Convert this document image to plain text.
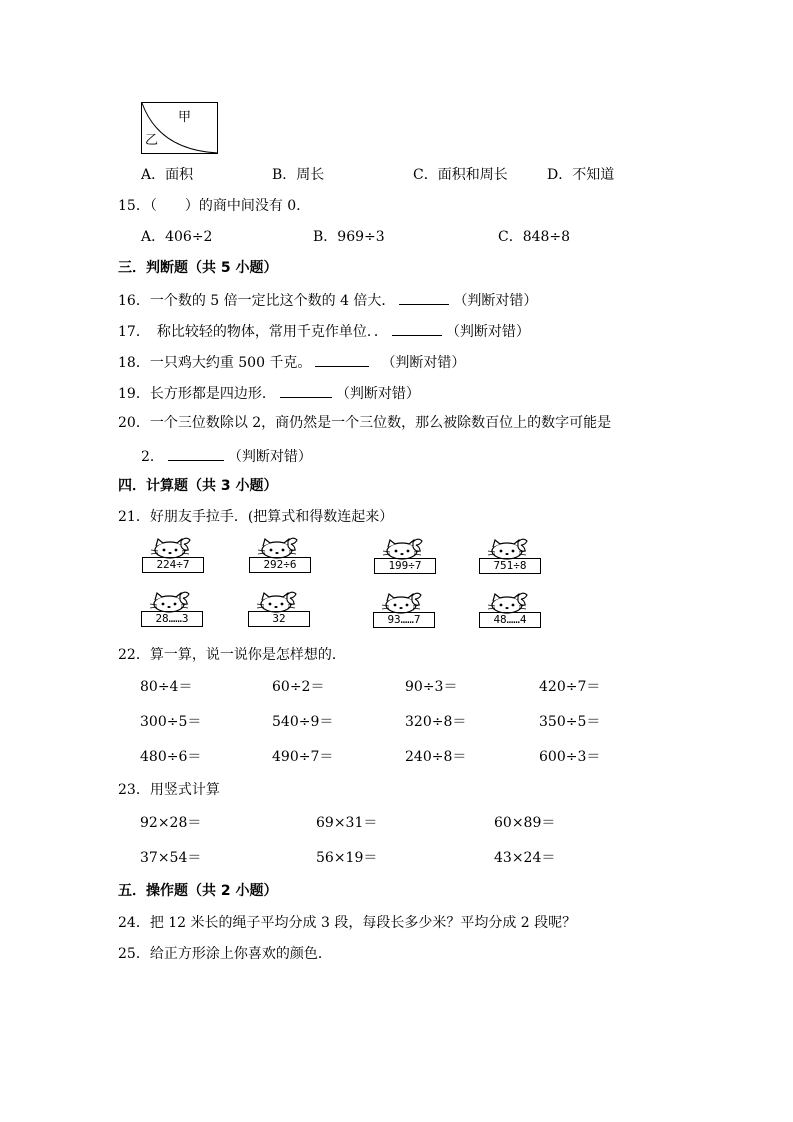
甲
乙
A．面积	B．周长	C．面积和周长	D．不知道
15．（　　）的商中间没有 0.
A．406÷2	B．969÷3	C．848÷8
三．判断题（共 5 小题）
16．一个数的 5 倍一定比这个数的 4 倍大．	（判断对错）
17．　称比较轻的物体，常用千克作单位．．	（判断对错）
18．一只鸡大约重 500 千克。	（判断对错）
19．长方形都是四边形．	（判断对错）
20．一个三位数除以 2，商仍然是一个三位数，那么被除数百位上的数字可能是
2．	（判断对错）
四．计算题（共 3 小题）
21．好朋友手拉手．(把算式和得数连起来）
224÷7	292÷6	199÷7	751÷8
28……3	32	93……7	48……4
22．算一算，说一说你是怎样想的．
80÷4＝	60÷2＝	90÷3＝	420÷7＝
300÷5＝	540÷9＝	320÷8＝	350÷5＝
480÷6＝	490÷7＝	240÷8＝	600÷3＝
23．用竖式计算
92×28＝	69×31＝	60×89＝
37×54＝	56×19＝	43×24＝
五．操作题（共 2 小题）
24．把 12 米长的绳子平均分成 3 段，每段长多少米？平均分成 2 段呢？
25．给正方形涂上你喜欢的颜色．
